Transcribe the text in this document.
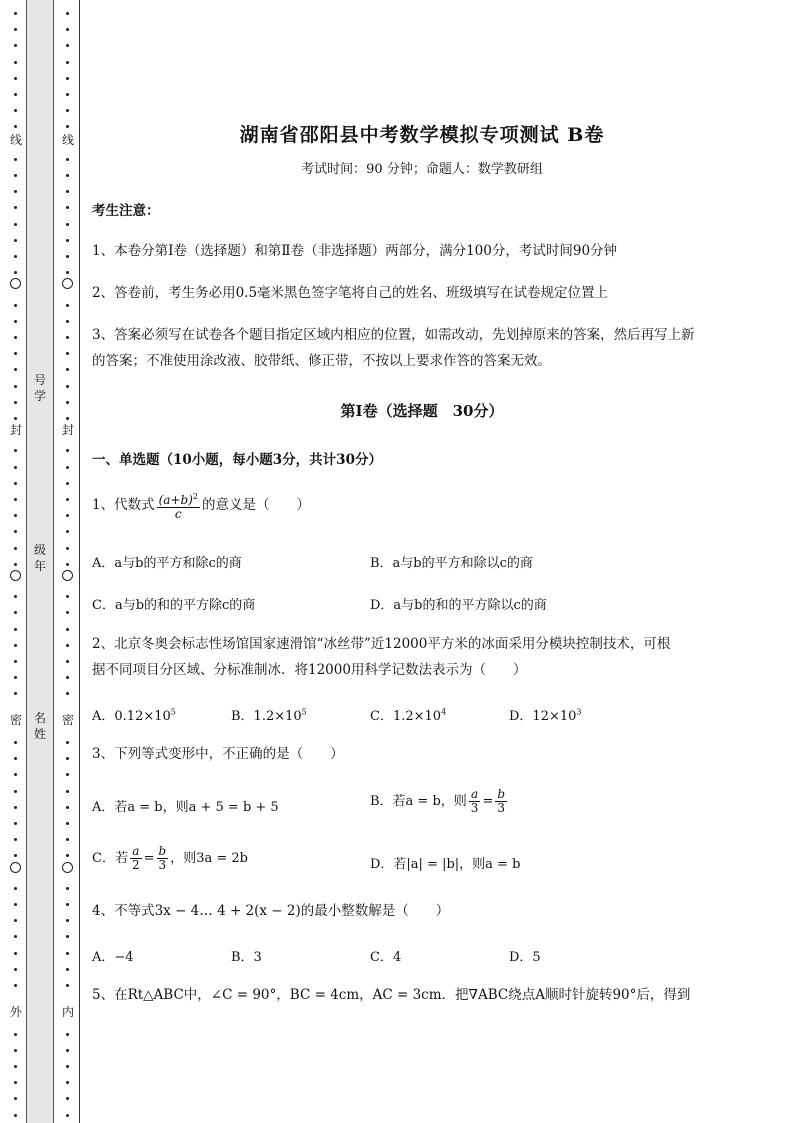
线
封
密
外
号
学
级
年
名
姓
线
封
密
内
湖南省邵阳县中考数学模拟专项测试 B卷
考试时间：90 分钟；命题人：数学教研组
考生注意：
1、本卷分第Ⅰ卷（选择题）和第Ⅱ卷（非选择题）两部分，满分100分，考试时间90分钟
2、答卷前，考生务必用0.5毫米黑色签字笔将自己的姓名、班级填写在试卷规定位置上
3、答案必须写在试卷各个题目指定区域内相应的位置，如需改动，先划掉原来的答案，然后再写上新
的答案；不准使用涂改液、胶带纸、修正带，不按以上要求作答的答案无效。
第Ⅰ卷（选择题　30分）
一、单选题（10小题，每小题3分，共计30分）
1、代数式 $\frac{(a+b)^2}{c}$ 的意义是（　　）
A．a与b的平方和除c的商	B．a与b的平方和除以c的商
C．a与b的和的平方除c的商	D．a与b的和的平方除以c的商
2、北京冬奥会标志性场馆国家速滑馆“冰丝带”近12000平方米的冰面采用分模块控制技术，可根
据不同项目分区域、分标准制冰．将12000用科学记数法表示为（　　）
A．$0.12\times 10^5$	B．$1.2\times 10^5$	C．$1.2\times 10^4$	D．$12\times 10^3$
3、下列等式变形中，不正确的是（　　）
A．若a = b，则a + 5 = b + 5	B．若a = b，则 $\frac{a}{3} = \frac{b}{3}$
C．若 $\frac{a}{2} = \frac{b}{3}$ ，则3a = 2b	D．若|a| = |b|，则a = b
4、不等式3x − 4… 4 + 2(x − 2)的最小整数解是（　　）
A．−4	B．3	C．4	D．5
5、在Rt△ABC中，∠C = 90°，BC = 4cm，AC = 3cm．把∇ABC绕点A顺时针旋转90°后，得到
